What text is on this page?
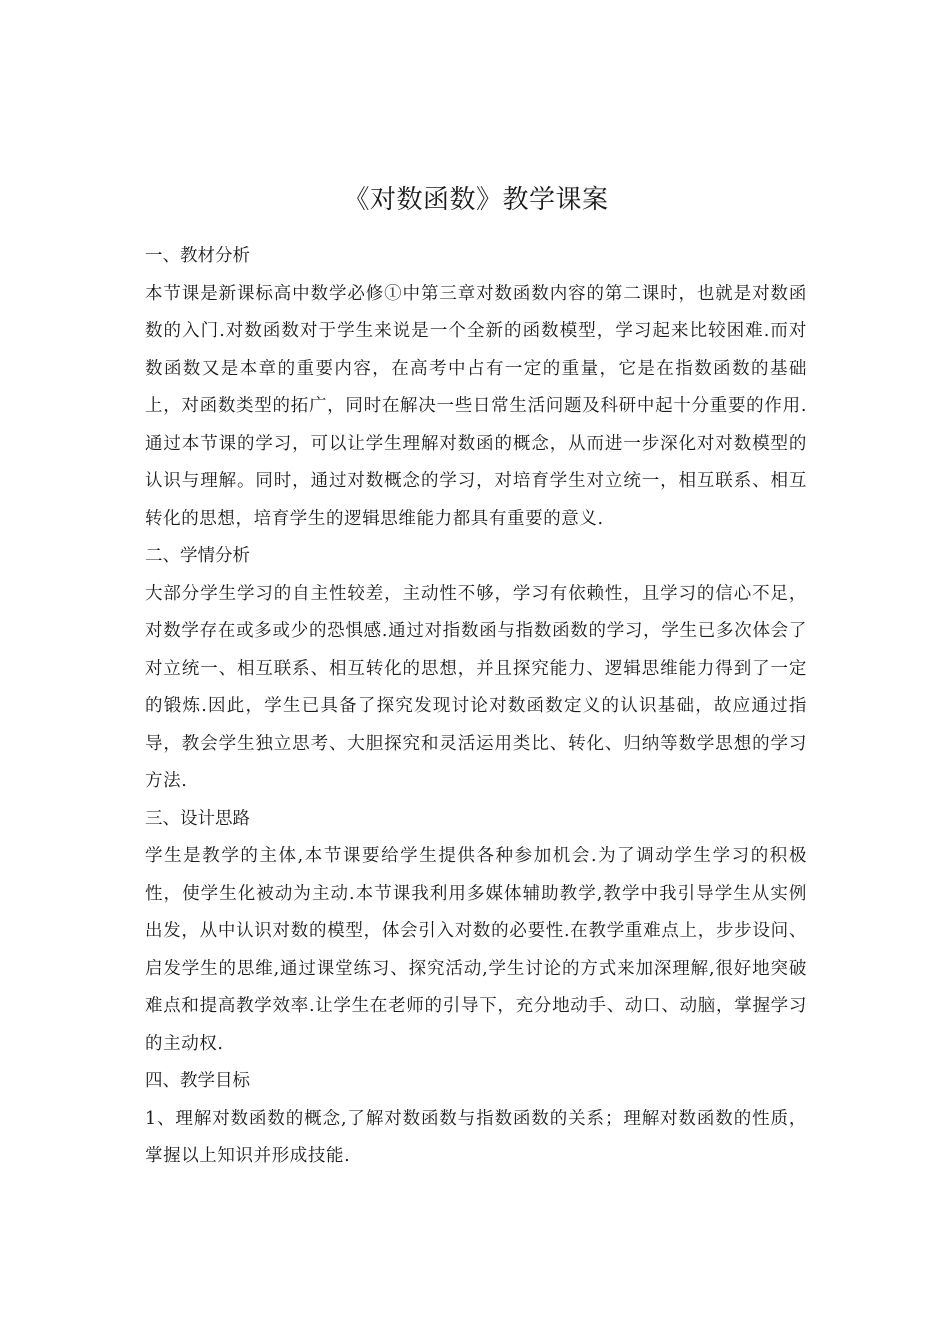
《对数函数》教学课案

一、教材分析

本节课是新课标高中数学必修①中第三章对数函数内容的第二课时，也就是对数函数的入门.对数函数对于学生来说是一个全新的函数模型，学习起来比较困难.而对数函数又是本章的重要内容，在高考中占有一定的重量，它是在指数函数的基础上，对函数类型的拓广，同时在解决一些日常生活问题及科研中起十分重要的作用.通过本节课的学习，可以让学生理解对数函的概念，从而进一步深化对对数模型的认识与理解。同时，通过对数概念的学习，对培育学生对立统一，相互联系、相互转化的思想，培育学生的逻辑思维能力都具有重要的意义.

二、学情分析

大部分学生学习的自主性较差，主动性不够，学习有依赖性，且学习的信心不足，对数学存在或多或少的恐惧感.通过对指数函与指数函数的学习，学生已多次体会了对立统一、相互联系、相互转化的思想，并且探究能力、逻辑思维能力得到了一定的锻炼.因此，学生已具备了探究发现讨论对数函数定义的认识基础，故应通过指导，教会学生独立思考、大胆探究和灵活运用类比、转化、归纳等数学思想的学习方法.

三、设计思路

学生是教学的主体,本节课要给学生提供各种参加机会.为了调动学生学习的积极性，使学生化被动为主动.本节课我利用多媒体辅助教学,教学中我引导学生从实例出发，从中认识对数的模型，体会引入对数的必要性.在教学重难点上，步步设问、启发学生的思维,通过课堂练习、探究活动,学生讨论的方式来加深理解,很好地突破难点和提高教学效率.让学生在老师的引导下，充分地动手、动口、动脑，掌握学习的主动权.

四、教学目标

1、理解对数函数的概念,了解对数函数与指数函数的关系；理解对数函数的性质，掌握以上知识并形成技能.
